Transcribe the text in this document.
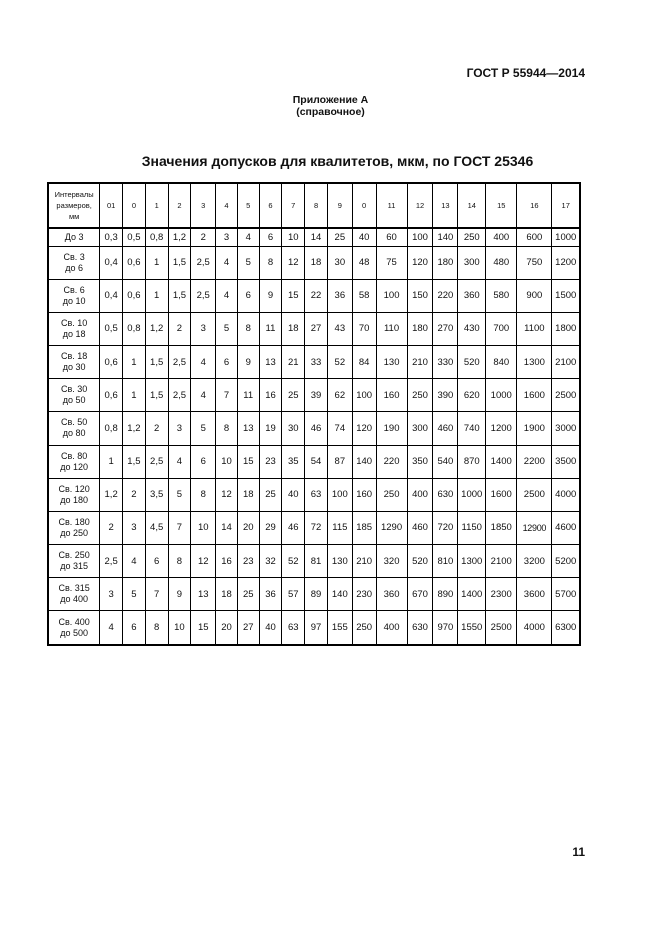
ГОСТ Р 55944—2014
Приложение А
(справочное)
Значения допусков для квалитетов, мкм, по ГОСТ 25346
Интервалы
размеров,
мм	01	0	1	2	3	4	5	6	7	8	9	0	11	12	13	14	15	16	17

До 3	0,3	0,5	0,8	1,2	2	3	4	6	10	14	25	40	60	100	140	250	400	600	1000

Св. 3
до 6	0,4	0,6	1	1,5	2,5	4	5	8	12	18	30	48	75	120	180	300	480	750	1200

Св. 6
до 10	0,4	0,6	1	1,5	2,5	4	6	9	15	22	36	58	100	150	220	360	580	900	1500

Св. 10
до 18	0,5	0,8	1,2	2	3	5	8	11	18	27	43	70	110	180	270	430	700	1100	1800

Св. 18
до 30	0,6	1	1,5	2,5	4	6	9	13	21	33	52	84	130	210	330	520	840	1300	2100

Св. 30
до 50	0,6	1	1,5	2,5	4	7	11	16	25	39	62	100	160	250	390	620	1000	1600	2500

Св. 50
до 80	0,8	1,2	2	3	5	8	13	19	30	46	74	120	190	300	460	740	1200	1900	3000

Св. 80
до 120	1	1,5	2,5	4	6	10	15	23	35	54	87	140	220	350	540	870	1400	2200	3500

Св. 120
до 180	1,2	2	3,5	5	8	12	18	25	40	63	100	160	250	400	630	1000	1600	2500	4000

Св. 180
до 250	2	3	4,5	7	10	14	20	29	46	72	115	185	1290	460	720	1150	1850	12900	4600

Св. 250
до 315	2,5	4	6	8	12	16	23	32	52	81	130	210	320	520	810	1300	2100	3200	5200

Св. 315
до 400	3	5	7	9	13	18	25	36	57	89	140	230	360	670	890	1400	2300	3600	5700

Св. 400
до 500	4	6	8	10	15	20	27	40	63	97	155	250	400	630	970	1550	2500	4000	6300
11
